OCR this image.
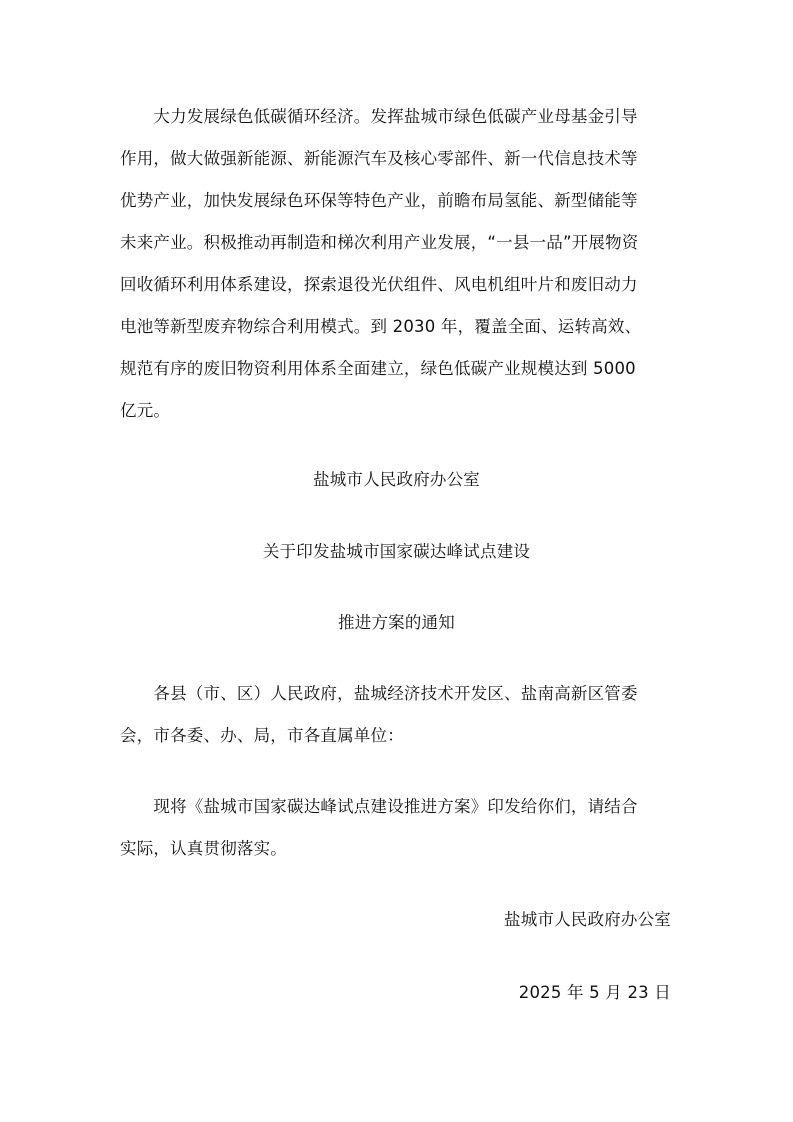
　　大力发展绿色低碳循环经济。发挥盐城市绿色低碳产业母基金引导
作用，做大做强新能源、新能源汽车及核心零部件、新一代信息技术等
优势产业，加快发展绿色环保等特色产业，前瞻布局氢能、新型储能等
未来产业。积极推动再制造和梯次利用产业发展，“一县一品”开展物资
回收循环利用体系建设，探索退役光伏组件、风电机组叶片和废旧动力
电池等新型废弃物综合利用模式。到 2030 年，覆盖全面、运转高效、
规范有序的废旧物资利用体系全面建立，绿色低碳产业规模达到 5000
亿元。
盐城市人民政府办公室
关于印发盐城市国家碳达峰试点建设
推进方案的通知
　　各县（市、区）人民政府，盐城经济技术开发区、盐南高新区管委
会，市各委、办、局，市各直属单位：
　　现将《盐城市国家碳达峰试点建设推进方案》印发给你们，请结合
实际，认真贯彻落实。
盐城市人民政府办公室
2025 年 5 月 23 日
